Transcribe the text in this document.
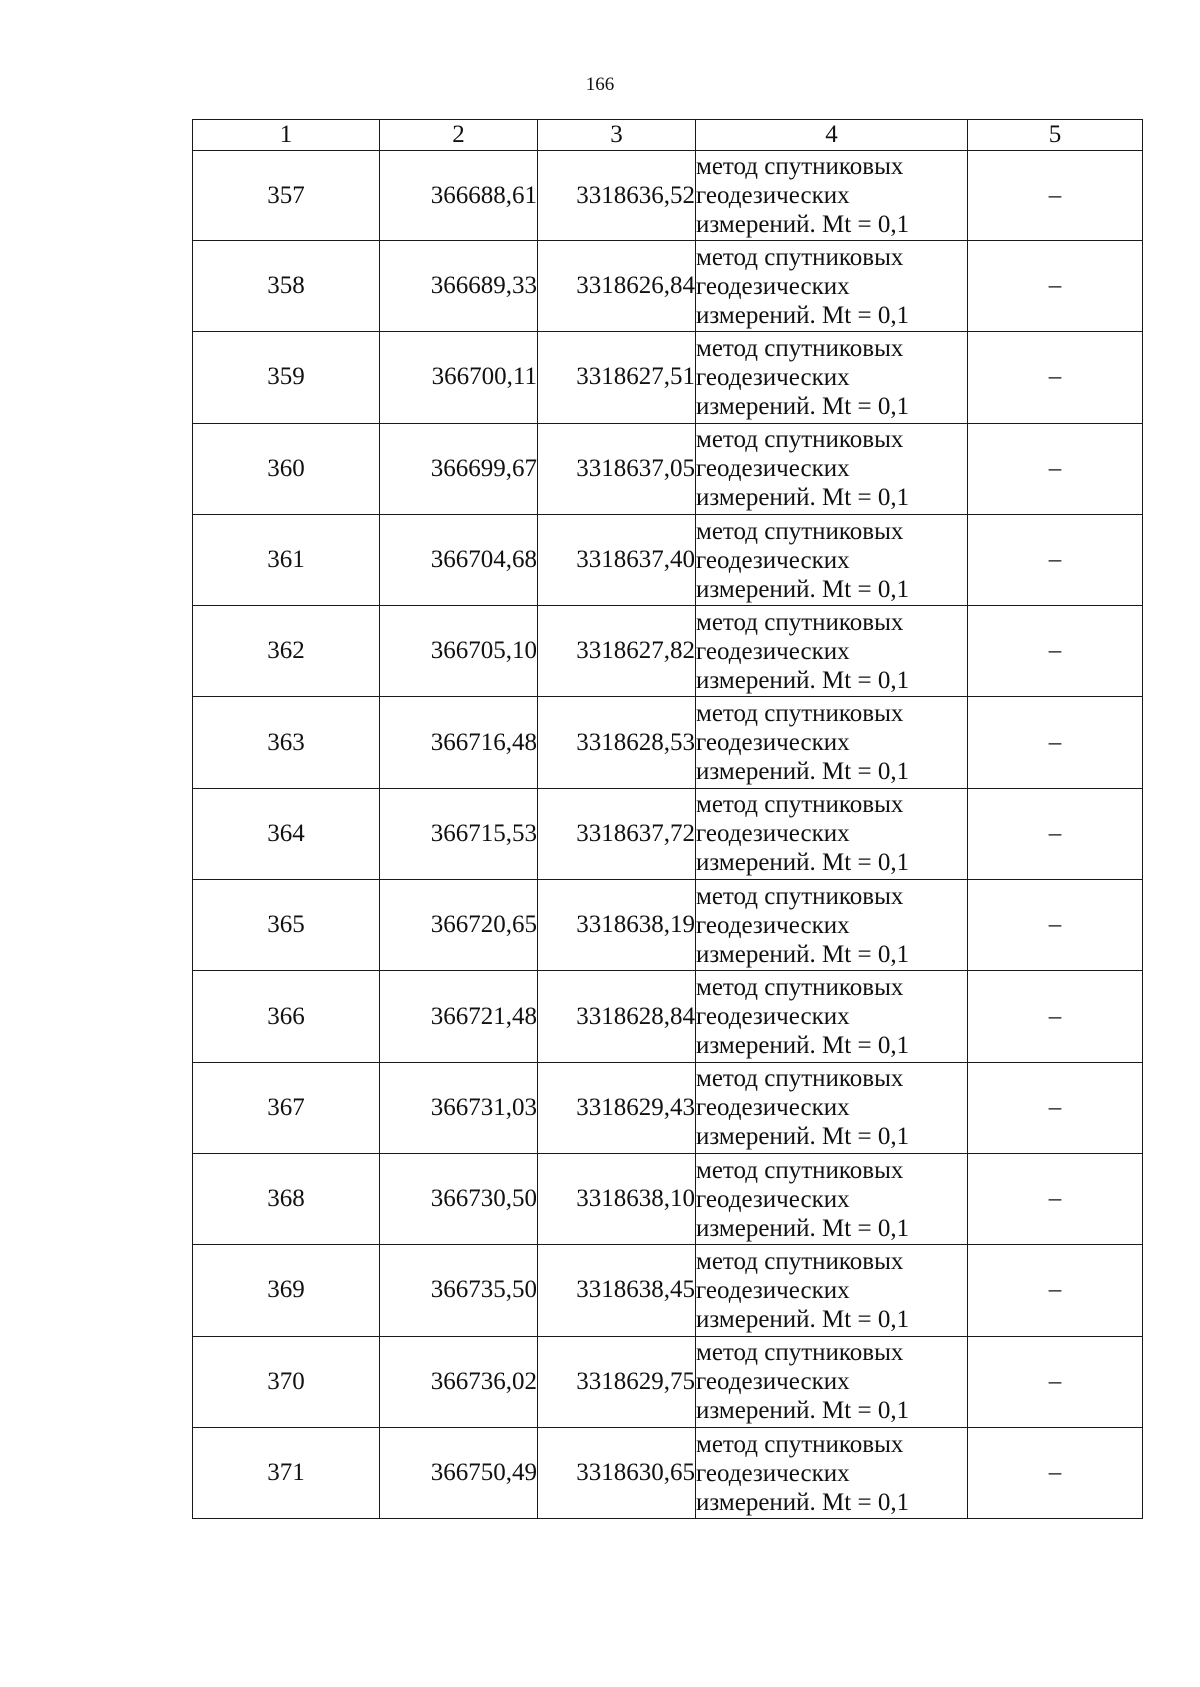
166
1	2	3	4	5
357	366688,61	3318636,52	метод спутниковых
геодезических
измерений. Mt = 0,1	–
358	366689,33	3318626,84	метод спутниковых
геодезических
измерений. Mt = 0,1	–
359	366700,11	3318627,51	метод спутниковых
геодезических
измерений. Mt = 0,1	–
360	366699,67	3318637,05	метод спутниковых
геодезических
измерений. Mt = 0,1	–
361	366704,68	3318637,40	метод спутниковых
геодезических
измерений. Mt = 0,1	–
362	366705,10	3318627,82	метод спутниковых
геодезических
измерений. Mt = 0,1	–
363	366716,48	3318628,53	метод спутниковых
геодезических
измерений. Mt = 0,1	–
364	366715,53	3318637,72	метод спутниковых
геодезических
измерений. Mt = 0,1	–
365	366720,65	3318638,19	метод спутниковых
геодезических
измерений. Mt = 0,1	–
366	366721,48	3318628,84	метод спутниковых
геодезических
измерений. Mt = 0,1	–
367	366731,03	3318629,43	метод спутниковых
геодезических
измерений. Mt = 0,1	–
368	366730,50	3318638,10	метод спутниковых
геодезических
измерений. Mt = 0,1	–
369	366735,50	3318638,45	метод спутниковых
геодезических
измерений. Mt = 0,1	–
370	366736,02	3318629,75	метод спутниковых
геодезических
измерений. Mt = 0,1	–
371	366750,49	3318630,65	метод спутниковых
геодезических
измерений. Mt = 0,1	–
